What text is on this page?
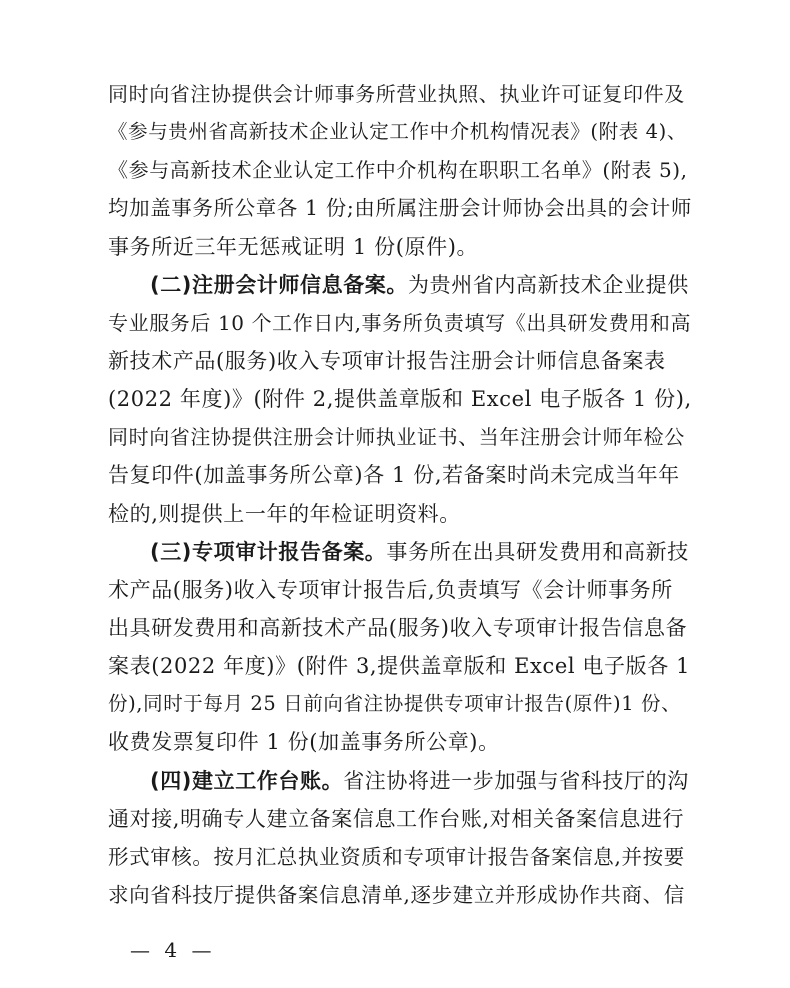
同时向省注协提供会计师事务所营业执照、执业许可证复印件及
《参与贵州省高新技术企业认定工作中介机构情况表》(附表 4)、
《参与高新技术企业认定工作中介机构在职职工名单》(附表 5),
均加盖事务所公章各 1 份;由所属注册会计师协会出具的会计师
事务所近三年无惩戒证明 1 份(原件)。
(二)注册会计师信息备案。为贵州省内高新技术企业提供
专业服务后 10 个工作日内,事务所负责填写《出具研发费用和高
新技术产品(服务)收入专项审计报告注册会计师信息备案表
(2022 年度)》(附件 2,提供盖章版和 Excel 电子版各 1 份),
同时向省注协提供注册会计师执业证书、当年注册会计师年检公
告复印件(加盖事务所公章)各 1 份,若备案时尚未完成当年年
检的,则提供上一年的年检证明资料。
(三)专项审计报告备案。事务所在出具研发费用和高新技
术产品(服务)收入专项审计报告后,负责填写《会计师事务所
出具研发费用和高新技术产品(服务)收入专项审计报告信息备
案表(2022 年度)》(附件 3,提供盖章版和 Excel 电子版各 1
份),同时于每月 25 日前向省注协提供专项审计报告(原件)1 份、
收费发票复印件 1 份(加盖事务所公章)。
(四)建立工作台账。省注协将进一步加强与省科技厅的沟
通对接,明确专人建立备案信息工作台账,对相关备案信息进行
形式审核。按月汇总执业资质和专项审计报告备案信息,并按要
求向省科技厅提供备案信息清单,逐步建立并形成协作共商、信
— 4 —
